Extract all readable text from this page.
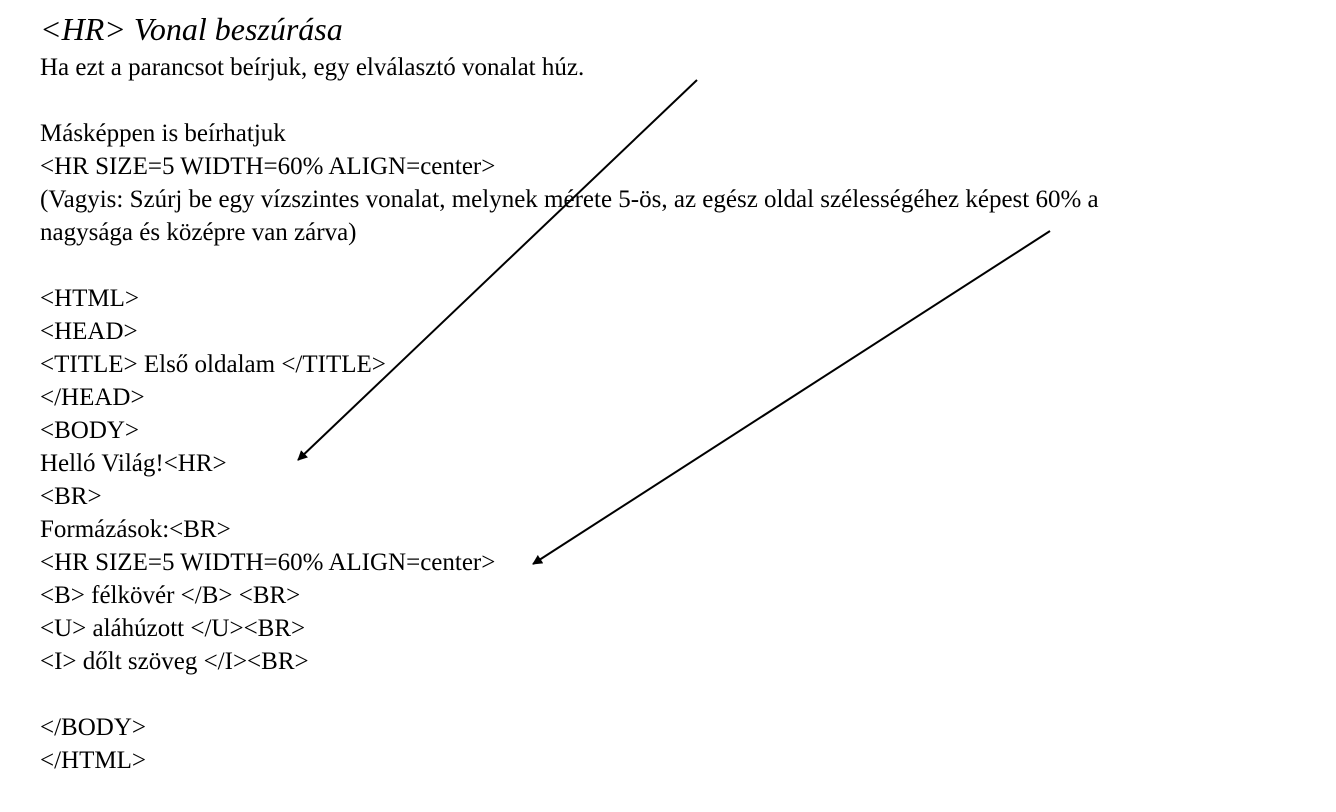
<HR> Vonal beszúrása
Ha ezt a parancsot beírjuk, egy elválasztó vonalat húz.
Másképpen is beírhatjuk
<HR SIZE=5 WIDTH=60% ALIGN=center>
(Vagyis: Szúrj be egy vízszintes vonalat, melynek mérete 5-ös, az egész oldal szélességéhez képest 60% a
nagysága és középre van zárva)
<HTML>
<HEAD>
<TITLE> Első oldalam </TITLE>
</HEAD>
<BODY>
Helló Világ!<HR>
<BR>
Formázások:<BR>
<HR SIZE=5 WIDTH=60% ALIGN=center>
<B> félkövér </B> <BR>
<U> aláhúzott </U><BR>
<I> dőlt szöveg </I><BR>
</BODY>
</HTML>
